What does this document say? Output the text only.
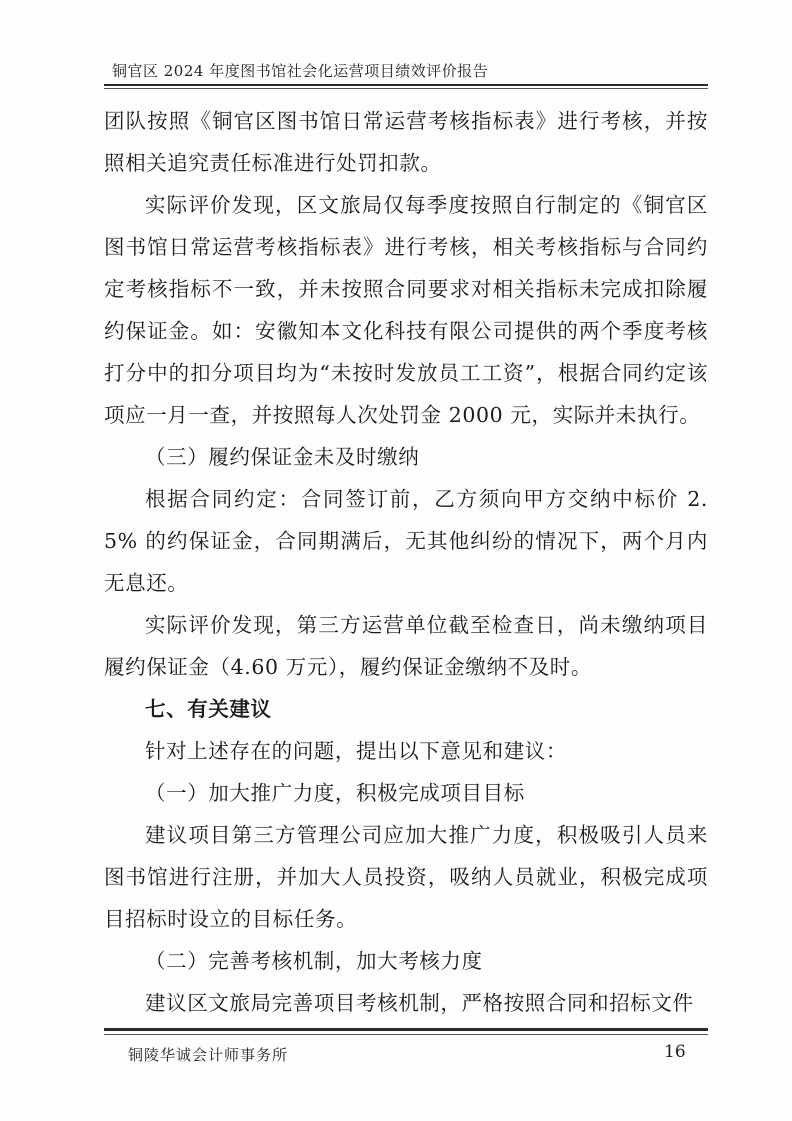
铜官区 2024 年度图书馆社会化运营项目绩效评价报告

团队按照《铜官区图书馆日常运营考核指标表》进行考核，并按照相关追究责任标准进行处罚扣款。

实际评价发现，区文旅局仅每季度按照自行制定的《铜官区图书馆日常运营考核指标表》进行考核，相关考核指标与合同约定考核指标不一致，并未按照合同要求对相关指标未完成扣除履约保证金。如：安徽知本文化科技有限公司提供的两个季度考核打分中的扣分项目均为“未按时发放员工工资”，根据合同约定该项应一月一查，并按照每人次处罚金 2000 元，实际并未执行。

（三）履约保证金未及时缴纳

根据合同约定：合同签订前，乙方须向甲方交纳中标价 2.5% 的约保证金，合同期满后，无其他纠纷的情况下，两个月内无息还。

实际评价发现，第三方运营单位截至检查日，尚未缴纳项目履约保证金（4.60 万元），履约保证金缴纳不及时。

七、有关建议

针对上述存在的问题，提出以下意见和建议：

（一）加大推广力度，积极完成项目目标

建议项目第三方管理公司应加大推广力度，积极吸引人员来图书馆进行注册，并加大人员投资，吸纳人员就业，积极完成项目招标时设立的目标任务。

（二）完善考核机制，加大考核力度

建议区文旅局完善项目考核机制，严格按照合同和招标文件

铜陵华诚会计师事务所	16
